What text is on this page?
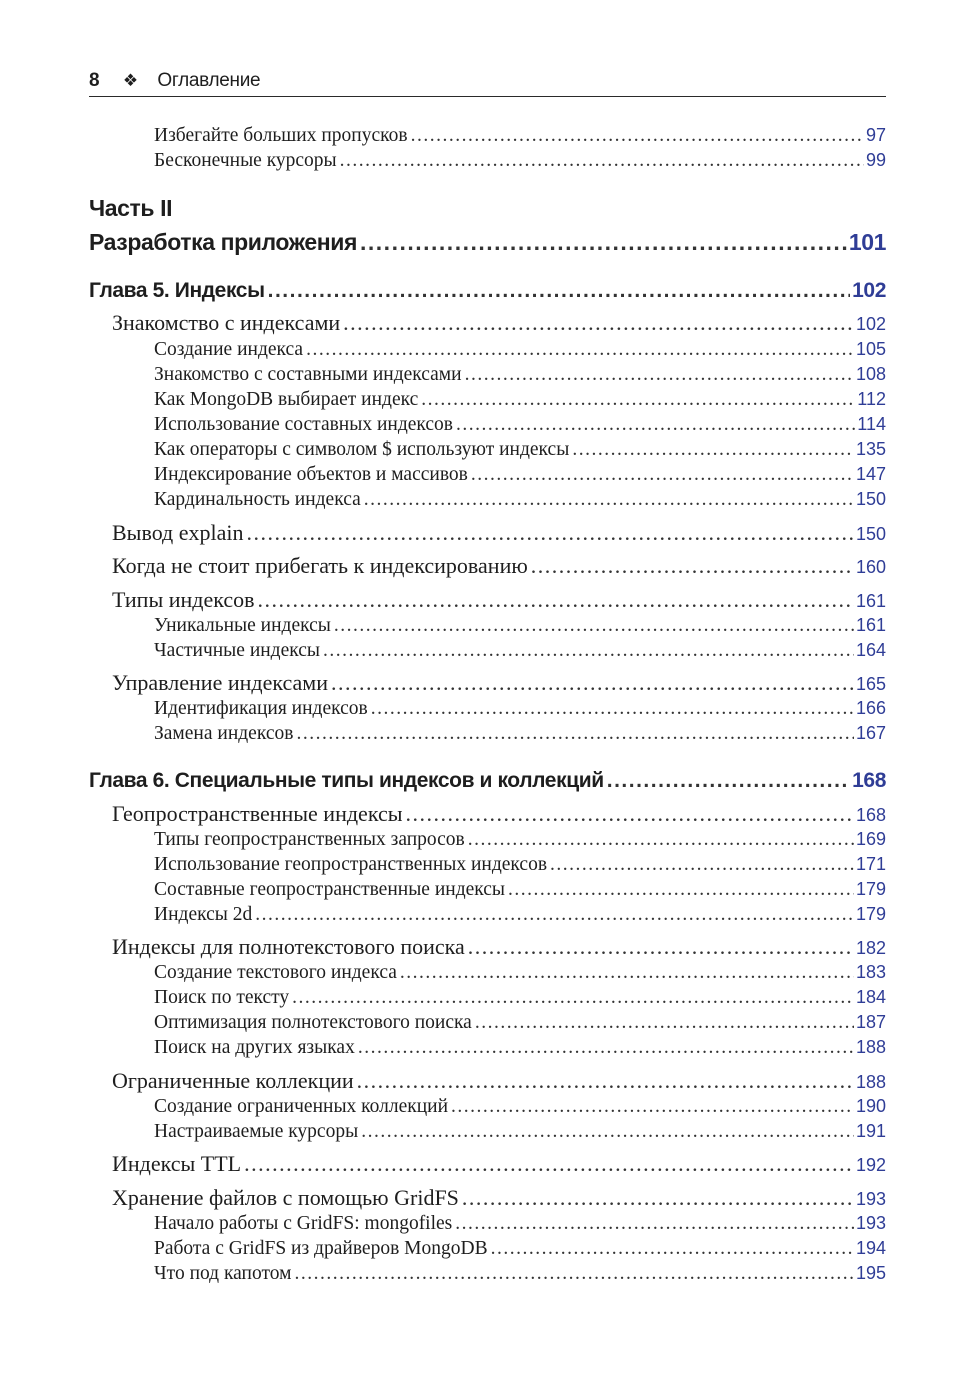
8 ❖ Оглавление
Избегайте больших пропусков .....	97
Бесконечные курсоры .....	99
Часть II
Разработка приложения .....	101
Глава 5. Индексы .....	102
Знакомство с индексами .....	102
Создание индекса .....	105
Знакомство с составными индексами .....	108
Как MongoDB выбирает индекс .....	112
Использование составных индексов .....	114
Как операторы с символом $ используют индексы .....	135
Индексирование объектов и массивов .....	147
Кардинальность индекса .....	150
Вывод explain .....	150
Когда не стоит прибегать к индексированию .....	160
Типы индексов .....	161
Уникальные индексы .....	161
Частичные индексы .....	164
Управление индексами .....	165
Идентификация индексов .....	166
Замена индексов .....	167
Глава 6. Специальные типы индексов и коллекций .....	168
Геопространственные индексы .....	168
Типы геопространственных запросов .....	169
Использование геопространственных индексов .....	171
Составные геопространственные индексы .....	179
Индексы 2d .....	179
Индексы для полнотекстового поиска .....	182
Создание текстового индекса .....	183
Поиск по тексту .....	184
Оптимизация полнотекстового поиска .....	187
Поиск на других языках .....	188
Ограниченные коллекции .....	188
Создание ограниченных коллекций .....	190
Настраиваемые курсоры .....	191
Индексы TTL .....	192
Хранение файлов с помощью GridFS .....	193
Начало работы с GridFS: mongofiles .....	193
Работа с GridFS из драйверов MongoDB .....	194
Что под капотом .....	195
